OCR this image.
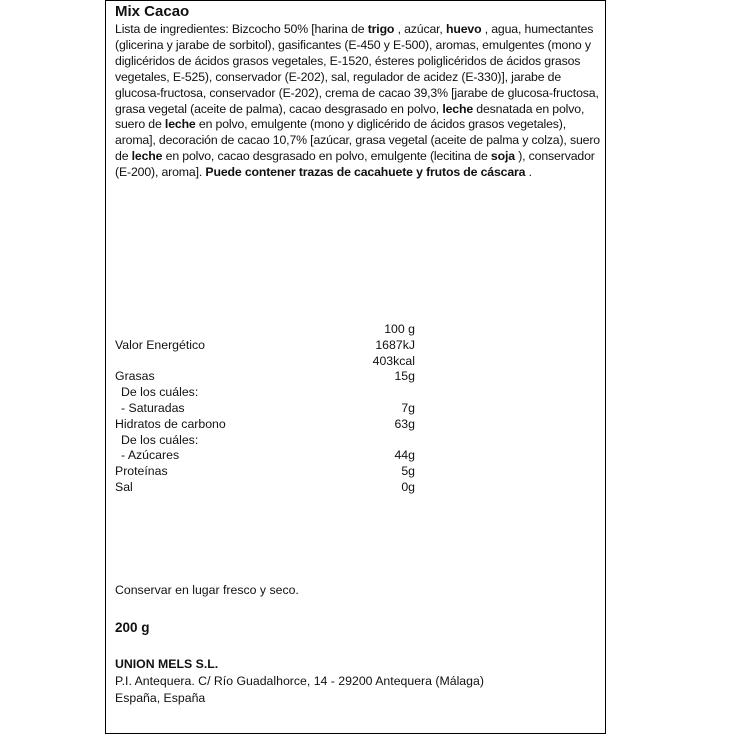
Mix Cacao
Lista de ingredientes: Bizcocho 50% [harina de trigo , azúcar, huevo , agua, humectantes (glicerina y jarabe de sorbitol), gasificantes (E-450 y E-500), aromas, emulgentes (mono y diglicéridos de ácidos grasos vegetales, E-1520, ésteres poliglicéridos de ácidos grasos vegetales, E-525), conservador (E-202), sal, regulador de acidez (E-330)], jarabe de glucosa-fructosa, conservador (E-202), crema de cacao 39,3% [jarabe de glucosa-fructosa, grasa vegetal (aceite de palma), cacao desgrasado en polvo, leche desnatada en polvo, suero de leche en polvo, emulgente (mono y diglicérido de ácidos grasos vegetales), aroma], decoración de cacao 10,7% [azúcar, grasa vegetal (aceite de palma y colza), suero de leche en polvo, cacao desgrasado en polvo, emulgente (lecitina de soja ), conservador (E-200), aroma]. Puede contener trazas de cacahuete y frutos de cáscara .
100 g
Valor Energético	1687kJ
403kcal
Grasas	15g
De los cuáles:
- Saturadas	7g
Hidratos de carbono	63g
De los cuáles:
- Azúcares	44g
Proteínas	5g
Sal	0g
Conservar en lugar fresco y seco.
200 g
UNION MELS S.L.
P.I. Antequera. C/ Río Guadalhorce, 14 - 29200 Antequera (Málaga)
España, España
